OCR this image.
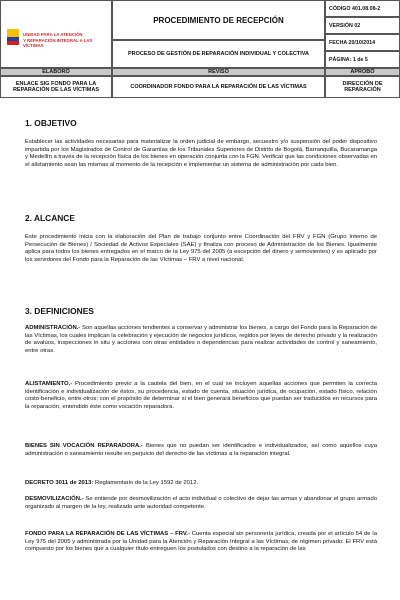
UNIDAD PARA LA ATENCIÓN
Y REPARACIÓN INTEGRAL A LAS VÍCTIMAS
PROCEDIMIENTO DE RECEPCIÓN
PROCESO DE GESTIÓN DE REPARACIÓN INDIVIDUAL Y COLECTIVA
CÓDIGO 401.08.08-2
VERSIÓN 02
FECHA 20/10/2014
PÁGINA: 1 de 5
ELABORÓ	REVISÓ	APROBÓ
ENLACE SIG FONDO PARA LA REPARACIÓN DE LAS VÍCTIMAS
COORDINADOR FONDO PARA LA REPARACIÓN DE LAS VÍCTIMAS
DIRECCIÓN DE REPARACIÓN
1. OBJETIVO

Establecer las actividades necesarias para materializar la orden judicial de embargo, secuestro y/o suspensión del poder dispositivo impartida por los Magistrados de Control de Garantías de los Tribunales Superiores de Distrito de Bogotá, Barranquilla, Bucaramanga y Medellín a través de la recepción física de los bienes en operación conjunta con la FGN. Verificar que las condiciones observadas en el alistamiento sean las mismas al momento de la recepción e implementar un sistema de administración por cada bien.

2. ALCANCE

Este procedimiento inicia con la elaboración del Plan de trabajo conjunto entre Coordinación del FRV y FGN (Grupo Interno de Persecución de Bienes) / Sociedad de Activos Especiales (SAE) y finaliza con proceso de Administración de los Bienes. Igualmente aplica para todos los bienes entregados en el marco de la Ley 975 del 2005 (a excepción del dinero y semovientes) y es aplicado por los servidores del Fondo para la Reparación de las Víctimas – FRV a nivel nacional.

3. DEFINICIONES

ADMINISTRACIÓN.- Son aquellas acciones tendientes a conservar y administrar los bienes, a cargo del Fondo para la Reparación de las Víctimas, los cuales implican la celebración y ejecución de negocios jurídicos, regidos por leyes de derecho privado y la realización de avalúos, inspecciones in situ y acciones con otras entidades o dependencias para realizar actividades de control y saneamiento, entre otras.

ALISTAMIENTO.- Procedimiento previo a la cautela del bien, en el cual se incluyen aquellas acciones que permiten la correcta identificación e individualización de éstos, su procedencia, estado de cuenta, situación jurídica, de ocupación, estado físico, relación costo-beneficio, entre otros; con el propósito de determinar si el bien generará beneficios que puedan ser traducidos en recursos para la reparación, entendido éste como vocación reparadora.

BIENES SIN VOCACIÓN REPARADORA.- Bienes que no puedan ser identificados e individualizados, así como aquellos cuya administración o saneamiento resulte en perjuicio del derecho de las víctimas a la reparación integral.

DECRETO 3011 de 2013: Reglamentario de la Ley 1592 de 2012.

DESMOVILIZACIÓN.- Se entiende por desmovilización el acto individual o colectivo de dejar las armas y abandonar el grupo armado organizado al margen de la ley, realizado ante autoridad competente.

FONDO PARA LA REPARACIÓN DE LAS VÍCTIMAS – FRV.- Cuenta especial sin personería jurídica, creada por el artículo 54 de la Ley 975 del 2005 y administrada por la Unidad para la Atención y Reparación Integral a las Víctimas, de régimen privado. El FRV está compuesto por los bienes que a cualquier título entreguen los postulados con destino a la reparación de las
